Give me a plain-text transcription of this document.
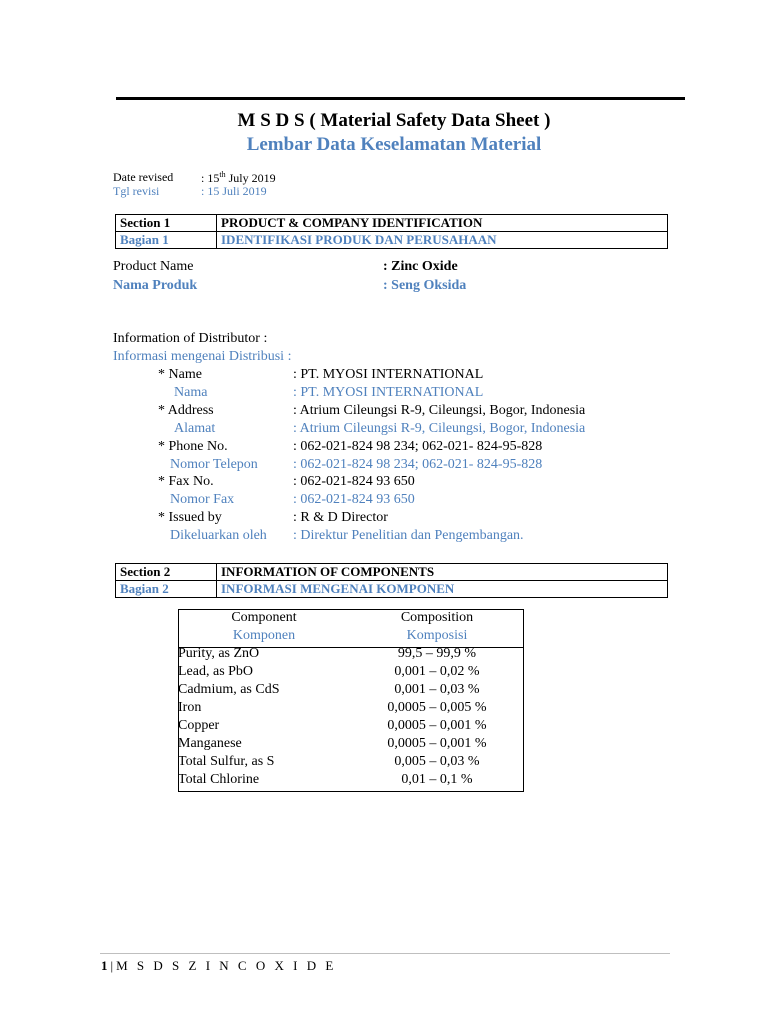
M S D S ( Material Safety Data Sheet )
Lembar Data Keselamatan Material
Date revised : 15th July 2019
Tgl revisi	: 15 Juli 2019
Section 1	PRODUCT & COMPANY IDENTIFICATION
Bagian 1	IDENTIFIKASI PRODUK DAN PERUSAHAAN
Product Name	: Zinc Oxide
Nama Produk	: Seng Oksida
Information of Distributor :
Informasi mengenai Distribusi :
* Name	: PT. MYOSI INTERNATIONAL
Nama	: PT. MYOSI INTERNATIONAL
* Address	: Atrium Cileungsi R-9, Cileungsi, Bogor, Indonesia
Alamat	: Atrium Cileungsi R-9, Cileungsi, Bogor, Indonesia
* Phone No.	: 062-021-824 98 234; 062-021- 824-95-828
Nomor Telepon	: 062-021-824 98 234; 062-021- 824-95-828
* Fax No.	: 062-021-824 93 650
Nomor Fax	: 062-021-824 93 650
* Issued by	: R & D Director
Dikeluarkan oleh : Direktur Penelitian dan Pengembangan.
Section 2	INFORMATION OF COMPONENTS
Bagian 2	INFORMASI MENGENAI KOMPONEN
Component	Composition
Komponen	Komposisi
Purity, as ZnO	99,5 – 99,9 %
Lead, as PbO	0,001 – 0,02 %
Cadmium, as CdS	0,001 – 0,03 %
Iron	0,0005 – 0,005 %
Copper	0,0005 – 0,001 %
Manganese	0,0005 – 0,001 %
Total Sulfur, as S	0,005 – 0,03 %
Total Chlorine	0,01 – 0,1 %
1|M S D S Z I N C O X I D E
